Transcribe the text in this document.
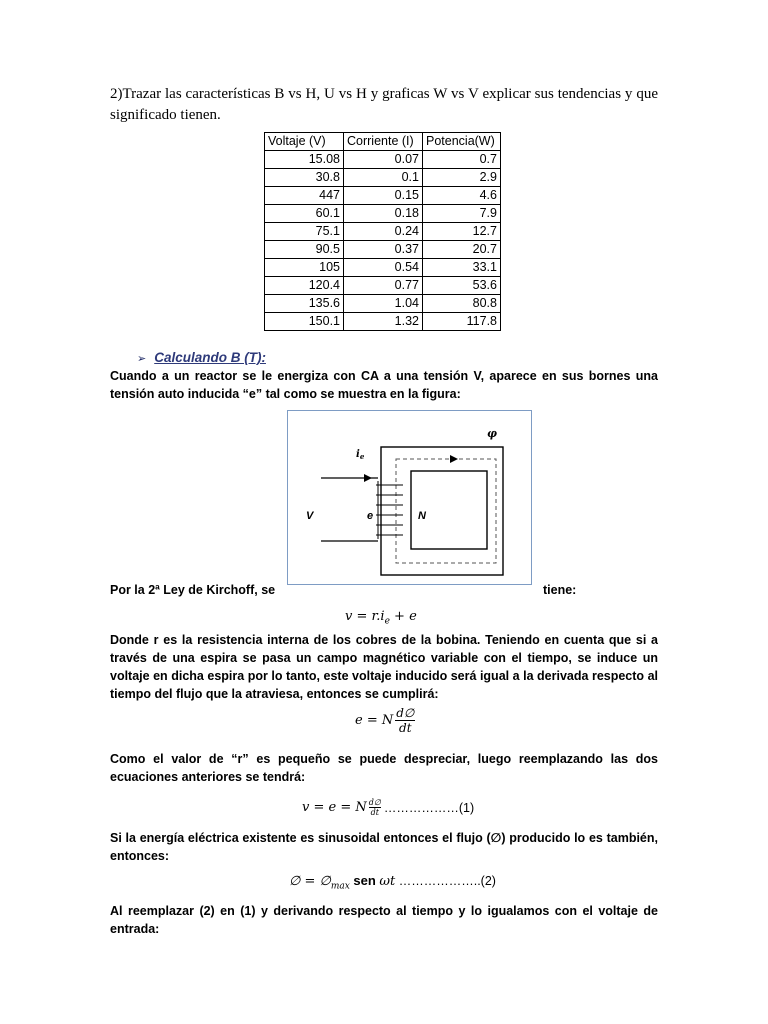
2)Trazar las características B vs H, U vs H y graficas W vs V explicar sus tendencias y que significado tienen.
Voltaje (V)	Corriente (I)	Potencia(W)
15.08	0.07	0.7
30.8	0.1	2.9
447	0.15	4.6
60.1	0.18	7.9
75.1	0.24	12.7
90.5	0.37	20.7
105	0.54	33.1
120.4	0.77	53.6
135.6	1.04	80.8
150.1	1.32	117.8
➢ Calculando B (T):
Cuando a un reactor se le energiza con CA a una tensión V, aparece en sus bornes una tensión auto inducida “e” tal como se muestra en la figura:
φ
$i_e$
V	e	N
Por la 2ª Ley de Kirchoff, se	tiene:
$v = r.i_e + e$
Donde r es la resistencia interna de los cobres de la bobina. Teniendo en cuenta que si a través de una espira se pasa un campo magnético variable con el tiempo, se induce un voltaje en dicha espira por lo tanto, este voltaje inducido será igual a la derivada respecto al tiempo del flujo que la atraviesa, entonces se cumplirá:
e = N $\frac{d\emptyset}{dt}$
Como el valor de “r” es pequeño se puede despreciar, luego reemplazando las dos ecuaciones anteriores se tendrá:
v = e = N $\frac{d\emptyset}{dt}$ ………………(1)
Si la energía eléctrica existente es sinusoidal entonces el flujo (∅) producido lo es también, entonces:
∅ = $\emptyset_{max}$ sen ωt ………………..(2)
Al reemplazar (2) en (1) y derivando respecto al tiempo y lo igualamos con el voltaje de entrada:
